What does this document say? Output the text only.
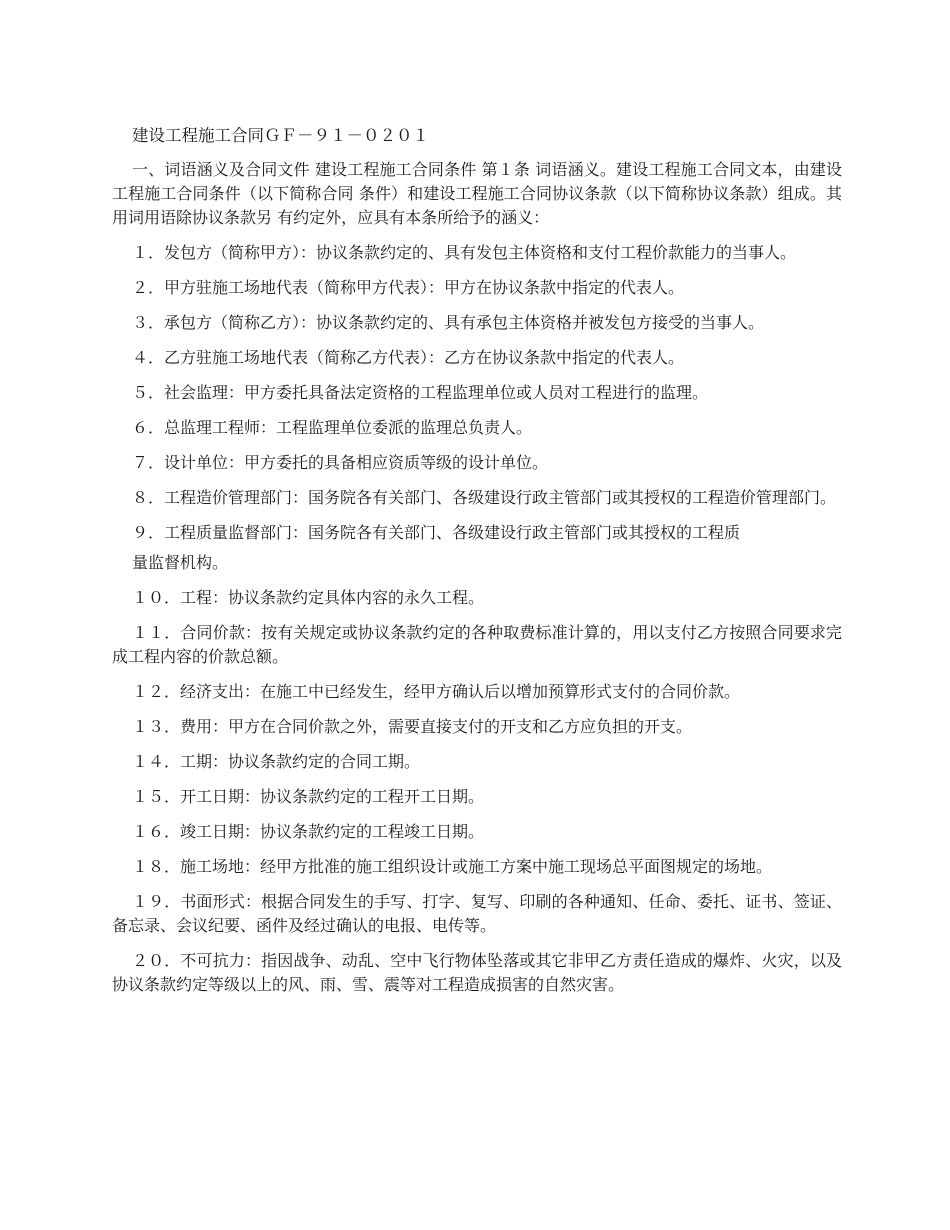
建设工程施工合同ＧＦ－９１－０２０１

一、词语涵义及合同文件 建设工程施工合同条件 第１条 词语涵义。建设工程施工合同文本，由建设工程施工合同条件（以下简称合同 条件）和建设工程施工合同协议条款（以下简称协议条款）组成。其用词用语除协议条款另 有约定外，应具有本条所给予的涵义：

１．发包方（简称甲方）：协议条款约定的、具有发包主体资格和支付工程价款能力的当事人。

２．甲方驻施工场地代表（简称甲方代表）：甲方在协议条款中指定的代表人。

３．承包方（简称乙方）：协议条款约定的、具有承包主体资格并被发包方接受的当事人。

４．乙方驻施工场地代表（简称乙方代表）：乙方在协议条款中指定的代表人。

５．社会监理：甲方委托具备法定资格的工程监理单位或人员对工程进行的监理。

６．总监理工程师：工程监理单位委派的监理总负责人。

７．设计单位：甲方委托的具备相应资质等级的设计单位。

８．工程造价管理部门：国务院各有关部门、各级建设行政主管部门或其授权的工程造价管理部门。

９．工程质量监督部门：国务院各有关部门、各级建设行政主管部门或其授权的工程质

量监督机构。

１０．工程：协议条款约定具体内容的永久工程。

１１．合同价款：按有关规定或协议条款约定的各种取费标准计算的，用以支付乙方按照合同要求完成工程内容的价款总额。

１２．经济支出：在施工中已经发生，经甲方确认后以增加预算形式支付的合同价款。

１３．费用：甲方在合同价款之外，需要直接支付的开支和乙方应负担的开支。

１４．工期：协议条款约定的合同工期。

１５．开工日期：协议条款约定的工程开工日期。

１６．竣工日期：协议条款约定的工程竣工日期。

１８．施工场地：经甲方批准的施工组织设计或施工方案中施工现场总平面图规定的场地。

１９．书面形式：根据合同发生的手写、打字、复写、印刷的各种通知、任命、委托、证书、签证、备忘录、会议纪要、函件及经过确认的电报、电传等。

２０．不可抗力：指因战争、动乱、空中飞行物体坠落或其它非甲乙方责任造成的爆炸、火灾，以及协议条款约定等级以上的风、雨、雪、震等对工程造成损害的自然灾害。
